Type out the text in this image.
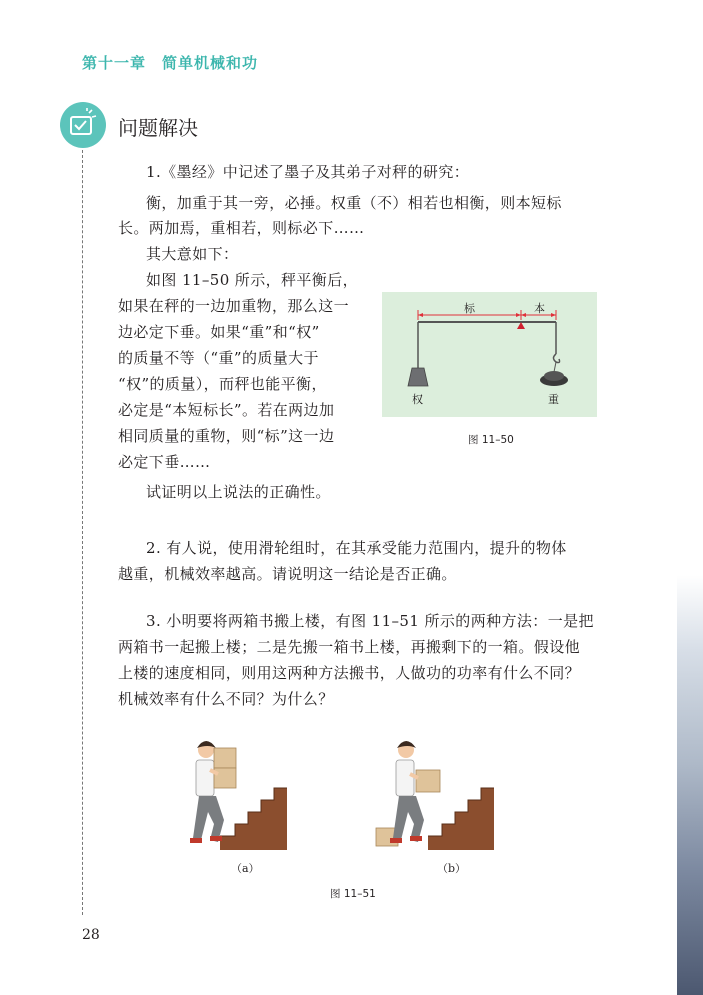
第十一章　简单机械和功
问题解决

1.《墨经》中记述了墨子及其弟子对秤的研究：

衡，加重于其一旁，必捶。权重（不）相若也相衡，则本短标

长。两加焉，重相若，则标必下……

其大意如下：

如图 11–50 所示，秤平衡后，

如果在秤的一边加重物，那么这一

边必定下垂。如果“重”和“权”

的质量不等（“重”的质量大于

“权”的质量），而秤也能平衡，

必定是“本短标长”。若在两边加

相同质量的重物，则“标”这一边

必定下垂……

试证明以上说法的正确性。

标	本
权	重
图 11–50

2. 有人说，使用滑轮组时，在其承受能力范围内，提升的物体

越重，机械效率越高。请说明这一结论是否正确。

3. 小明要将两箱书搬上楼，有图 11–51 所示的两种方法：一是把

两箱书一起搬上楼；二是先搬一箱书上楼，再搬剩下的一箱。假设他

上楼的速度相同，则用这两种方法搬书，人做功的功率有什么不同？

机械效率有什么不同？为什么？

（a）	（b）
图 11–51
28
